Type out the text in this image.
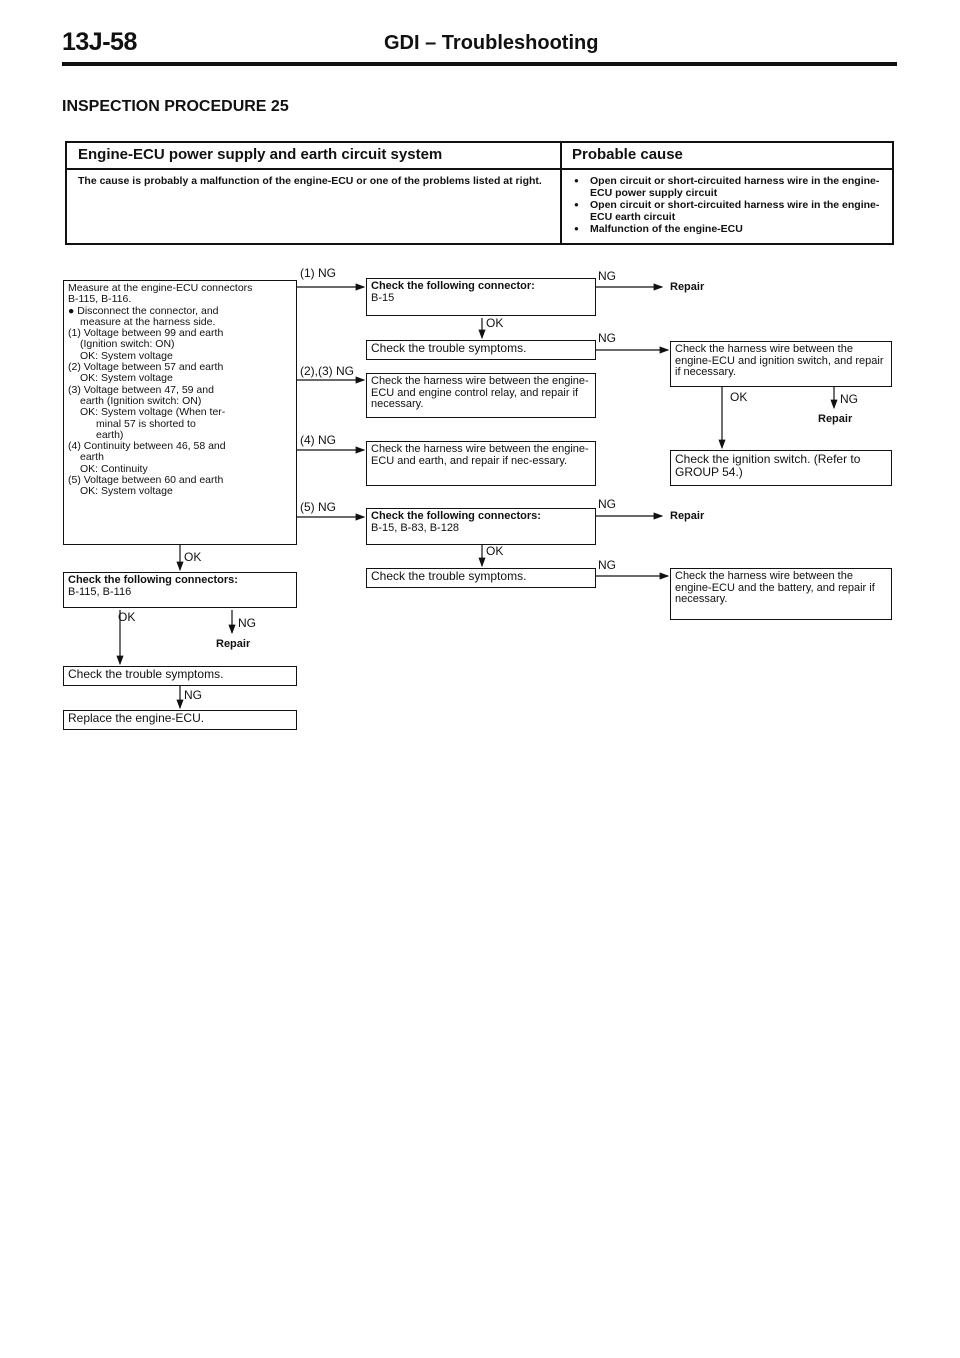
13J-58	GDI – Troubleshooting
INSPECTION PROCEDURE 25
Engine-ECU power supply and earth circuit system	Probable cause
The cause is probably a malfunction of the engine-ECU or one of the problems listed at right.
●	Open circuit or short-circuited harness wire in the engine-ECU power supply circuit
● Open circuit or short-circuited harness wire in the engine-ECU earth circuit
● Malfunction of the engine-ECU
Measure at the engine-ECU connectors
B-115, B-116.
● Disconnect the connector, and
measure at the harness side.
(1) Voltage between 99 and earth
(Ignition switch: ON)
OK: System voltage
(2) Voltage between 57 and earth
OK: System voltage
(3) Voltage between 47, 59 and
earth (Ignition switch: ON)
OK: System voltage (When ter-
minal 57 is shorted to
earth)
(4) Continuity between 46, 58 and
earth
OK: Continuity
(5) Voltage between 60 and earth
OK: System voltage
OK
Check the following connectors:
B-115, B-116
OK	NG
Repair
Check the trouble symptoms.
NG
Replace the engine-ECU.
(1) NG
(2),(3) NG
(4) NG
(5) NG
Check the following connector:
B-15
OK
Check the trouble symptoms.
Check the harness wire between the engine-ECU and engine control relay, and repair if necessary.
Check the harness wire between the engine-ECU and earth, and repair if nec-essary.
Check the following connectors:
B-15, B-83, B-128
OK
Check the trouble symptoms.
NG
Repair
NG
NG
Repair
NG
Check the harness wire between the engine-ECU and ignition switch, and repair if necessary.
OK	NG
Repair
Check the ignition switch. (Refer to GROUP 54.)
Check the harness wire between the engine-ECU and the battery, and repair if necessary.
